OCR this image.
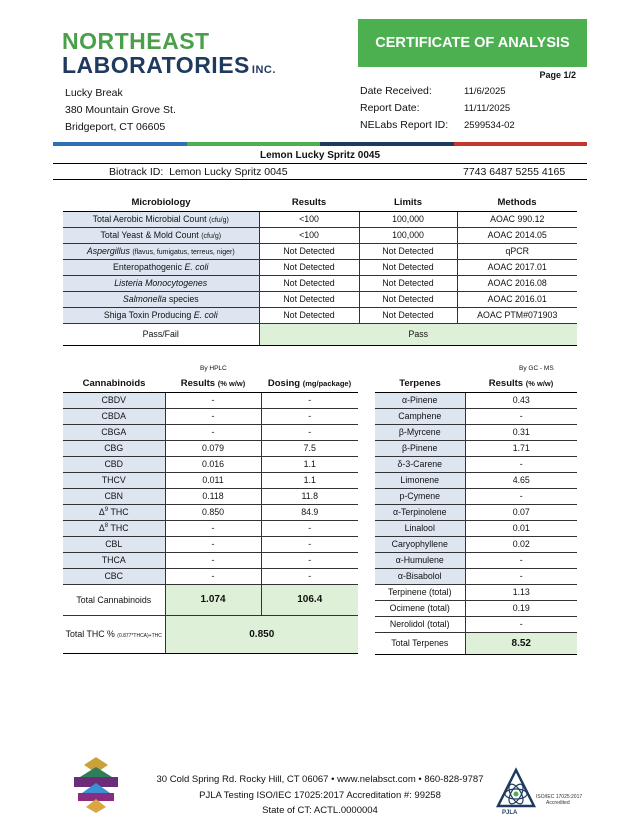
NORTHEAST
LABORATORIES INC.
CERTIFICATE OF ANALYSIS
Page 1/2
Lucky Break
380 Mountain Grove St.
Bridgeport, CT 06605
Date Received:	11/6/2025
Report Date:	11/11/2025
NELabs Report ID:	2599534-02
Lemon Lucky Spritz 0045
Biotrack ID: Lemon Lucky Spritz 0045	7743 6487 5255 4165
Microbiology	Results	Limits	Methods
Total Aerobic Microbial Count (cfu/g)	<100	100,000	AOAC 990.12
Total Yeast & Mold Count (cfu/g)	<100	100,000	AOAC 2014.05
Aspergillus (flavus, fumigatus, terreus, niger)	Not Detected	Not Detected	qPCR
Enteropathogenic E. coli	Not Detected	Not Detected	AOAC 2017.01
Listeria Monocytogenes	Not Detected	Not Detected	AOAC 2016.08
Salmonella species	Not Detected	Not Detected	AOAC 2016.01
Shiga Toxin Producing E. coli	Not Detected	Not Detected	AOAC PTM#071903
Pass/Fail	Pass		
By HPLC	By GC - MS
Cannabinoids	Results (% w/w)	Dosing (mg/package)
CBDV	-	-
CBDA	-	-
CBGA	-	-
CBG	0.079	7.5
CBD	0.016	1.1
THCV	0.011	1.1
CBN	0.118	11.8
$\Delta^9$ THC	0.850	84.9
$\Delta^8$ THC	-	-
CBL	-	-
THCA	-	-
CBC	-	-
Total Cannabinoids	1.074	106.4
Total THC % (0.877*THCA)+THC	0.850	
Terpenes	Results (% w/w)
α-Pinene	0.43
Camphene	-
β-Myrcene	0.31
β-Pinene	1.71
δ-3-Carene	-
Limonene	4.65
p-Cymene	-
α-Terpinolene	0.07
Linalool	0.01
Caryophyllene	0.02
α-Humulene	-
α-Bisabolol	-
Terpinene (total)	1.13
Ocimene (total)	0.19
Nerolidol (total)	-
Total Terpenes	8.52
30 Cold Spring Rd. Rocky Hill, CT 06067 • www.nelabsct.com • 860-828-9787
PJLA Testing ISO/IEC 17025:2017 Accreditation #: 99258
State of CT: ACTL.0000004	PJLA
ISO/IEC 17025:2017
Accredited
